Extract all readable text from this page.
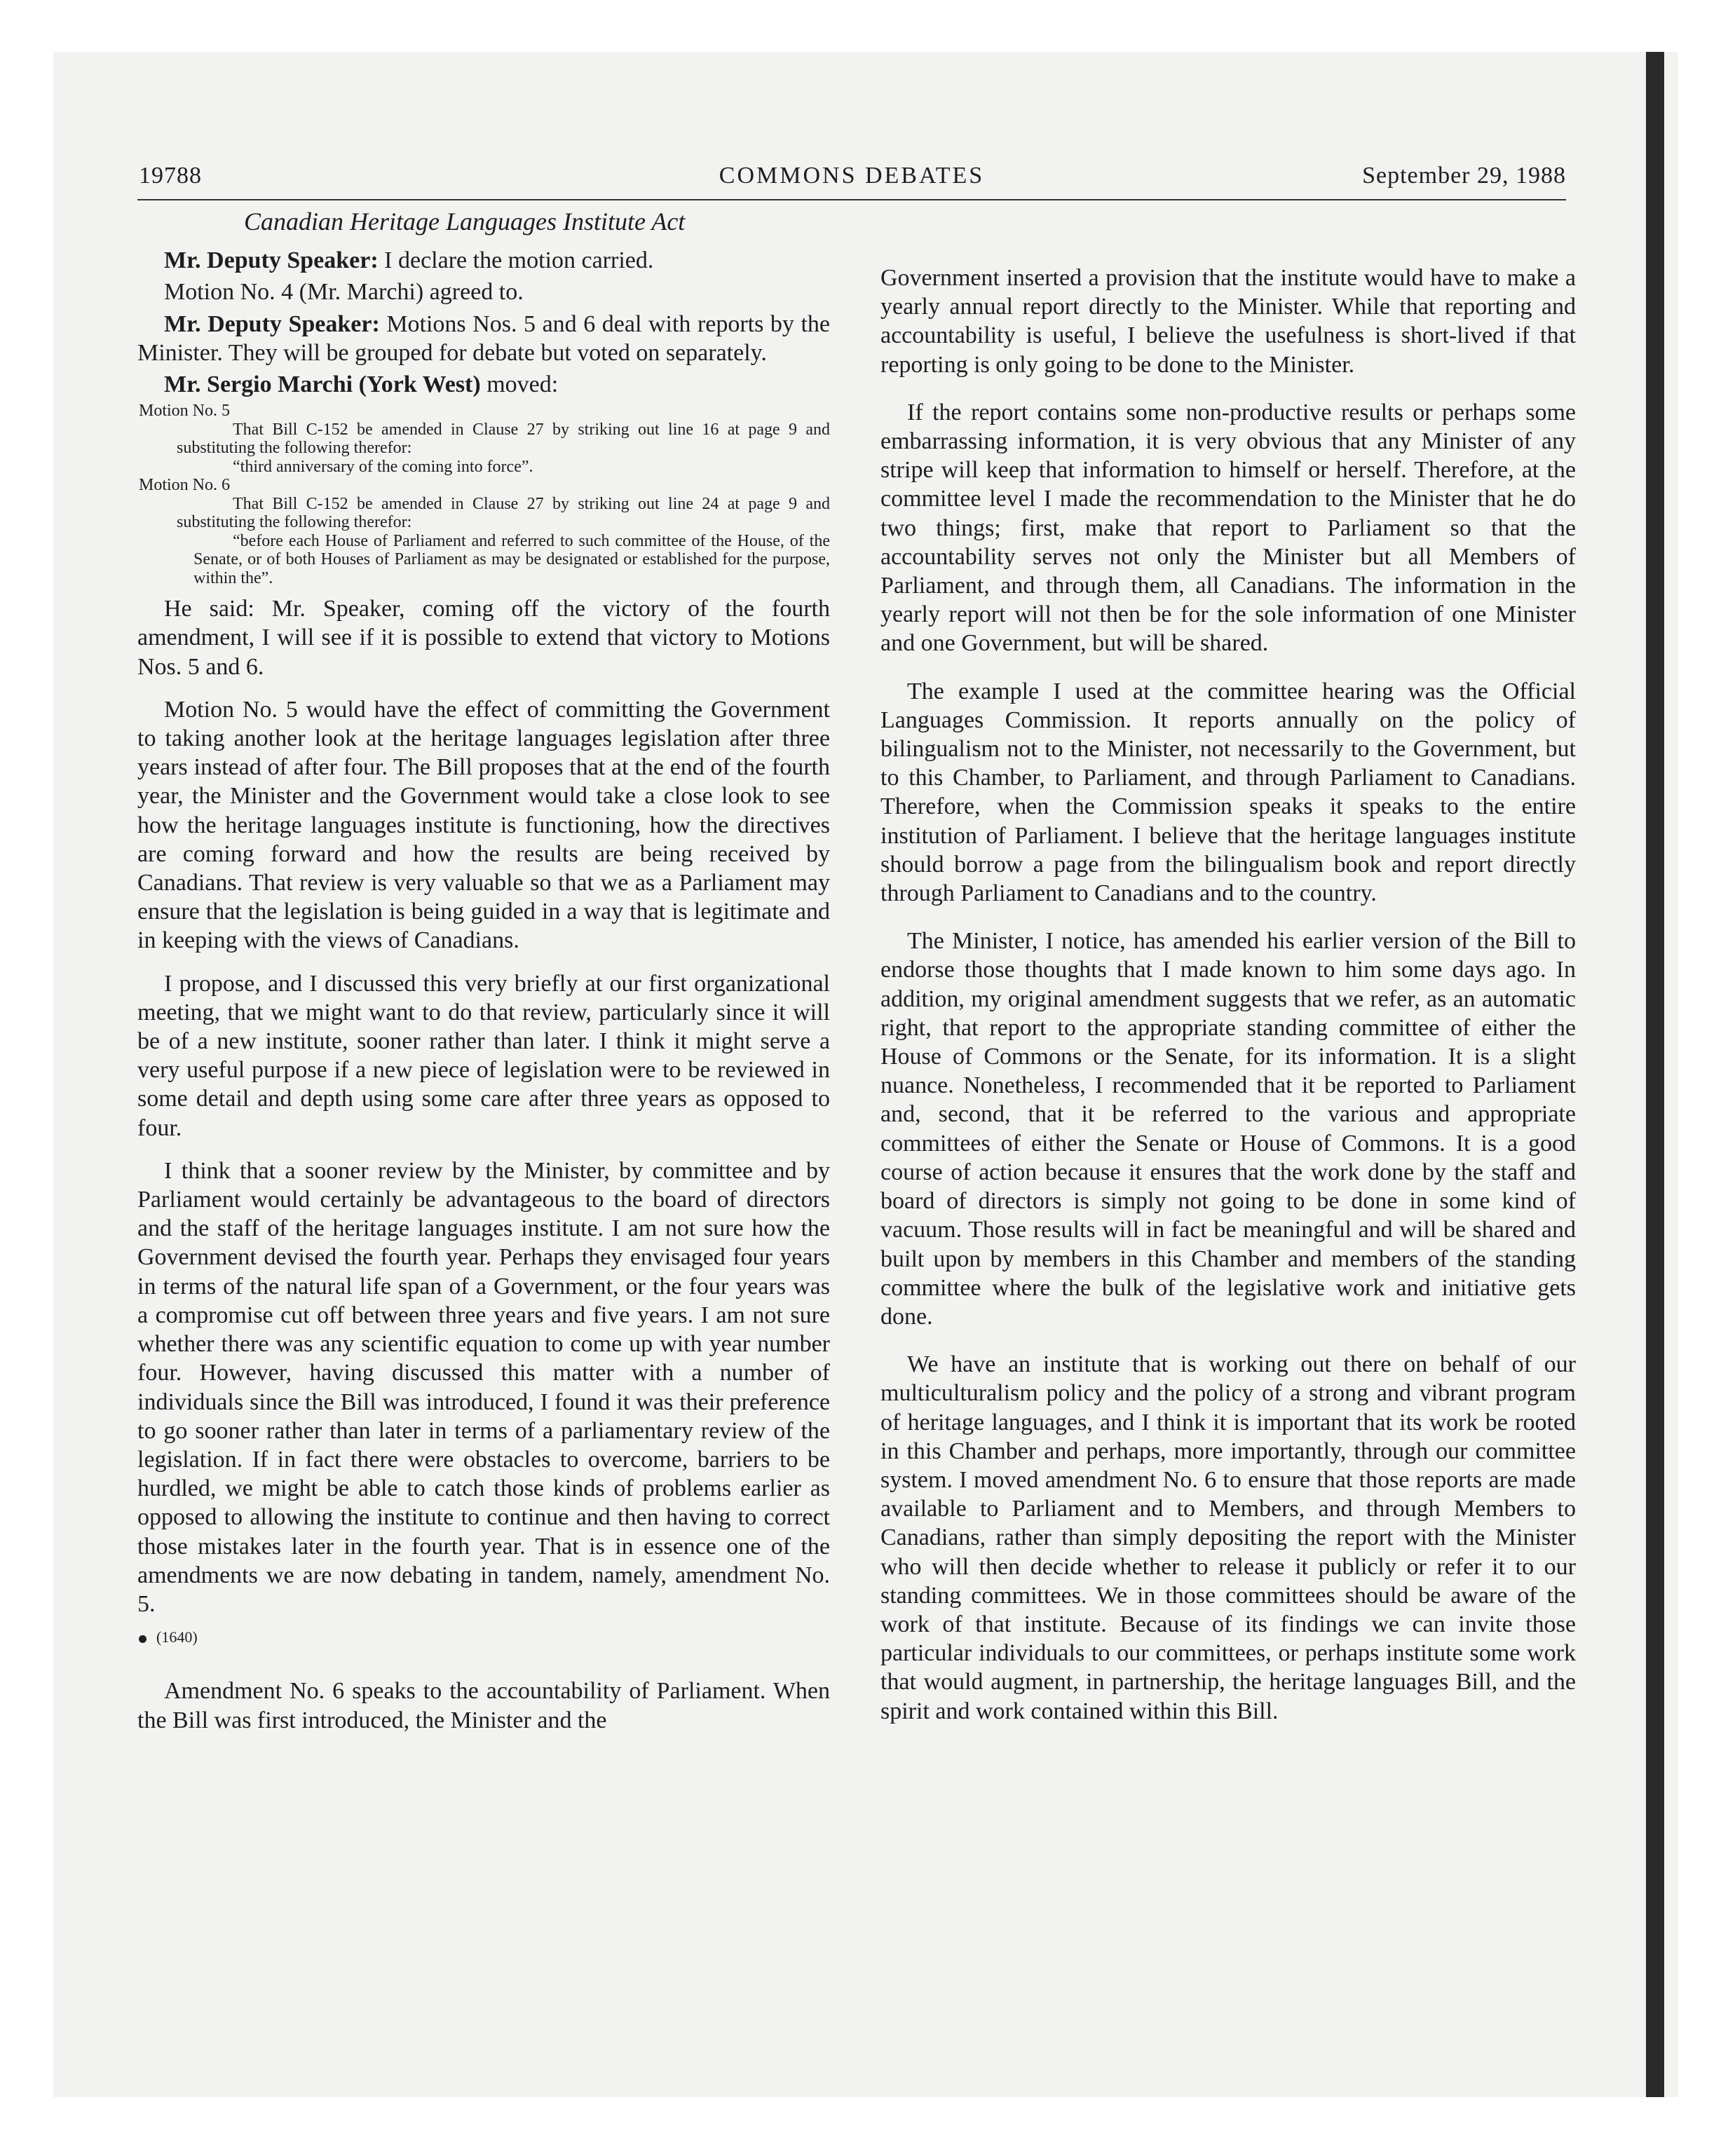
19788	COMMONS DEBATES	September 29, 1988

Canadian Heritage Languages Institute Act

Mr. Deputy Speaker: I declare the motion carried.

Motion No. 4 (Mr. Marchi) agreed to.

Mr. Deputy Speaker: Motions Nos. 5 and 6 deal with reports by the Minister. They will be grouped for debate but voted on separately.

Mr. Sergio Marchi (York West) moved:

Motion No. 5

That Bill C-152 be amended in Clause 27 by striking out line 16 at page 9 and substituting the following therefor:

“third anniversary of the coming into force”.

Motion No. 6

That Bill C-152 be amended in Clause 27 by striking out line 24 at page 9 and substituting the following therefor:

“before each House of Parliament and referred to such committee of the House, of the Senate, or of both Houses of Parliament as may be designated or established for the purpose, within the”.

He said: Mr. Speaker, coming off the victory of the fourth amendment, I will see if it is possible to extend that victory to Motions Nos. 5 and 6.

Motion No. 5 would have the effect of committing the Government to taking another look at the heritage languages legislation after three years instead of after four. The Bill proposes that at the end of the fourth year, the Minister and the Government would take a close look to see how the heritage languages institute is functioning, how the directives are coming forward and how the results are being received by Canadians. That review is very valuable so that we as a Parliament may ensure that the legislation is being guided in a way that is legitimate and in keeping with the views of Canadians.

I propose, and I discussed this very briefly at our first organizational meeting, that we might want to do that review, particularly since it will be of a new institute, sooner rather than later. I think it might serve a very useful purpose if a new piece of legislation were to be reviewed in some detail and depth using some care after three years as opposed to four.

I think that a sooner review by the Minister, by committee and by Parliament would certainly be advantageous to the board of directors and the staff of the heritage languages institute. I am not sure how the Government devised the fourth year. Perhaps they envisaged four years in terms of the natural life span of a Government, or the four years was a compromise cut off between three years and five years. I am not sure whether there was any scientific equation to come up with year number four. However, having discussed this matter with a number of individuals since the Bill was introduced, I found it was their preference to go sooner rather than later in terms of a parliamentary review of the legislation. If in fact there were obstacles to overcome, barriers to be hurdled, we might be able to catch those kinds of problems earlier as opposed to allowing the institute to continue and then having to correct those mistakes later in the fourth year. That is in essence one of the amendments we are now debating in tandem, namely, amendment No. 5.

(1640)

Amendment No. 6 speaks to the accountability of Parliament. When the Bill was first introduced, the Minister and the

Government inserted a provision that the institute would have to make a yearly annual report directly to the Minister. While that reporting and accountability is useful, I believe the usefulness is short-lived if that reporting is only going to be done to the Minister.

If the report contains some non-productive results or perhaps some embarrassing information, it is very obvious that any Minister of any stripe will keep that information to himself or herself. Therefore, at the committee level I made the recommendation to the Minister that he do two things; first, make that report to Parliament so that the accountability serves not only the Minister but all Members of Parliament, and through them, all Canadians. The information in the yearly report will not then be for the sole information of one Minister and one Government, but will be shared.

The example I used at the committee hearing was the Official Languages Commission. It reports annually on the policy of bilingualism not to the Minister, not necessarily to the Government, but to this Chamber, to Parliament, and through Parliament to Canadians. Therefore, when the Commission speaks it speaks to the entire institution of Parliament. I believe that the heritage languages institute should borrow a page from the bilingualism book and report directly through Parliament to Canadians and to the country.

The Minister, I notice, has amended his earlier version of the Bill to endorse those thoughts that I made known to him some days ago. In addition, my original amendment suggests that we refer, as an automatic right, that report to the appropriate standing committee of either the House of Commons or the Senate, for its information. It is a slight nuance. Nonetheless, I recommended that it be reported to Parliament and, second, that it be referred to the various and appropriate committees of either the Senate or House of Commons. It is a good course of action because it ensures that the work done by the staff and board of directors is simply not going to be done in some kind of vacuum. Those results will in fact be meaningful and will be shared and built upon by members in this Chamber and members of the standing committee where the bulk of the legislative work and initiative gets done.

We have an institute that is working out there on behalf of our multiculturalism policy and the policy of a strong and vibrant program of heritage languages, and I think it is important that its work be rooted in this Chamber and perhaps, more importantly, through our committee system. I moved amendment No. 6 to ensure that those reports are made available to Parliament and to Members, and through Members to Canadians, rather than simply depositing the report with the Minister who will then decide whether to release it publicly or refer it to our standing committees. We in those committees should be aware of the work of that institute. Because of its findings we can invite those particular individuals to our committees, or perhaps institute some work that would augment, in partnership, the heritage languages Bill, and the spirit and work contained within this Bill.
